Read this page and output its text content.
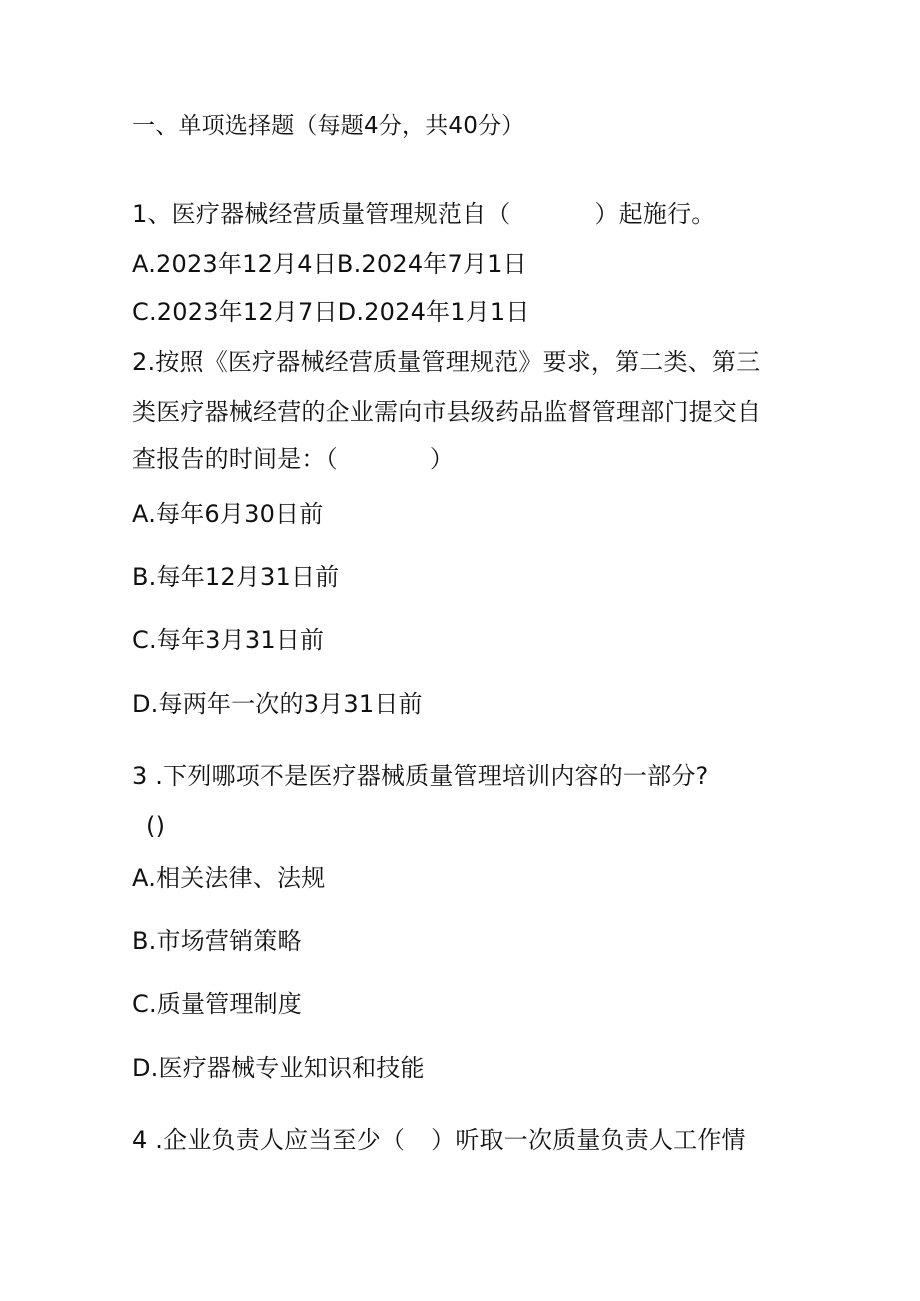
一、单项选择题（每题4分，共40分）
1、医疗器械经营质量管理规范自（	）起施行。
A.2023年12月4日B.2024年7月1日
C.2023年12月7日D.2024年1月1日
2.按照《医疗器械经营质量管理规范》要求，第二类、第三
类医疗器械经营的企业需向市县级药品监督管理部门提交自
查报告的时间是：（	）
A.每年6月30日前
B.每年12月31日前
C.每年3月31日前
D.每两年一次的3月31日前
3 .下列哪项不是医疗器械质量管理培训内容的一部分?
()
A.相关法律、法规
B.市场营销策略
C.质量管理制度
D.医疗器械专业知识和技能
4 .企业负责人应当至少（ ）听取一次质量负责人工作情
